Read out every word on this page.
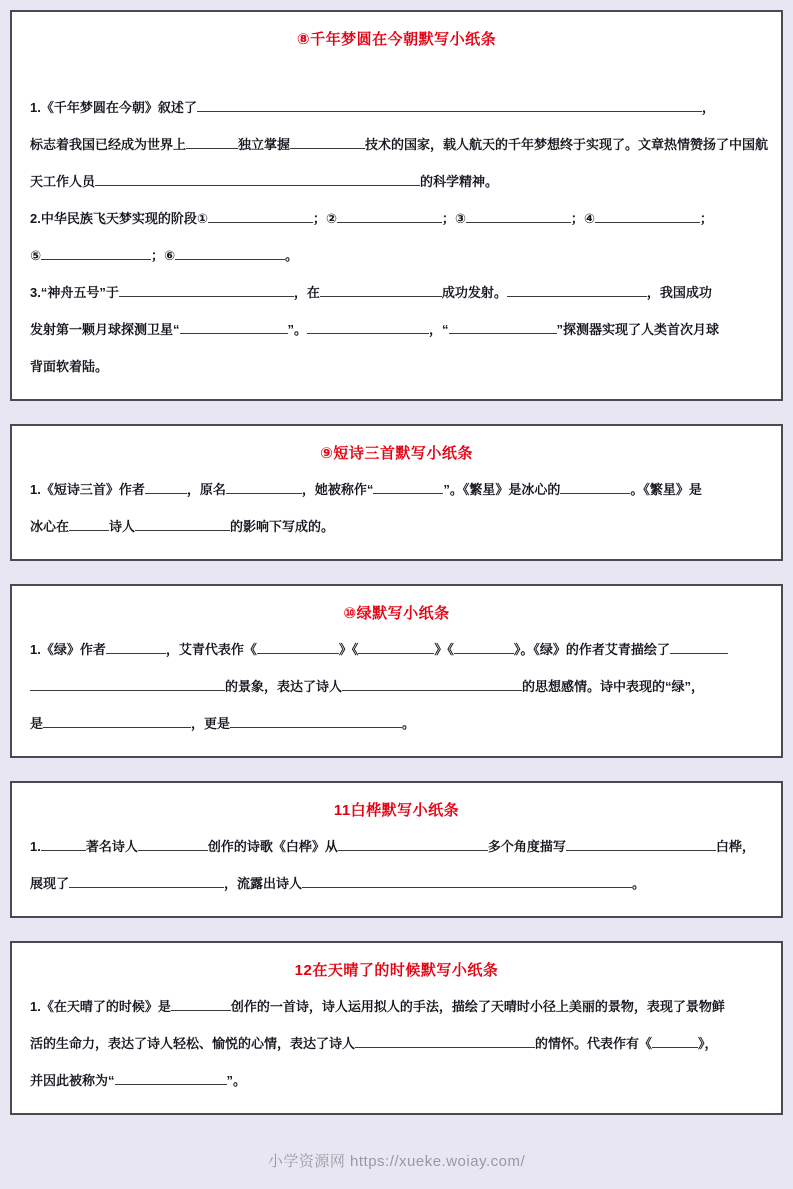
⑧千年梦圆在今朝默写小纸条
1.《千年梦圆在今朝》叙述了	，
标志着我国已经成为世界上	独立掌握	技术的国家，载人航天的千年梦想终于实现了。文章热情赞扬了中国航
天工作人员	的科学精神。
2.中华民族飞天梦实现的阶段①	；②	；③	；④	；
⑤	；⑥	。
3.“神舟五号”于	，在	成功发射。	，我国成功
发射第一颗月球探测卫星“	”。	，“	”探测器实现了人类首次月球
背面软着陆。
⑨短诗三首默写小纸条
1.《短诗三首》作者	，原名	，她被称作“	”。《繁星》是冰心的	。《繁星》是
冰心在	诗人	的影响下写成的。
⑩绿默写小纸条
1.《绿》作者	，艾青代表作《	》《	》《	》。《绿》的作者艾青描绘了
的景象，表达了诗人	的思想感情。诗中表现的“绿”，
是	，更是	。
11白桦默写小纸条
1.	著名诗人	创作的诗歌《白桦》从	多个角度描写	白桦，
展现了	，流露出诗人	。
12在天晴了的时候默写小纸条
1.《在天晴了的时候》是	创作的一首诗，诗人运用拟人的手法，描绘了天晴时小径上美丽的景物，表现了景物鲜
活的生命力，表达了诗人轻松、愉悦的心情，表达了诗人	的情怀。代表作有《	》，
并因此被称为“	”。
小学资源网 https://xueke.woiay.com/
